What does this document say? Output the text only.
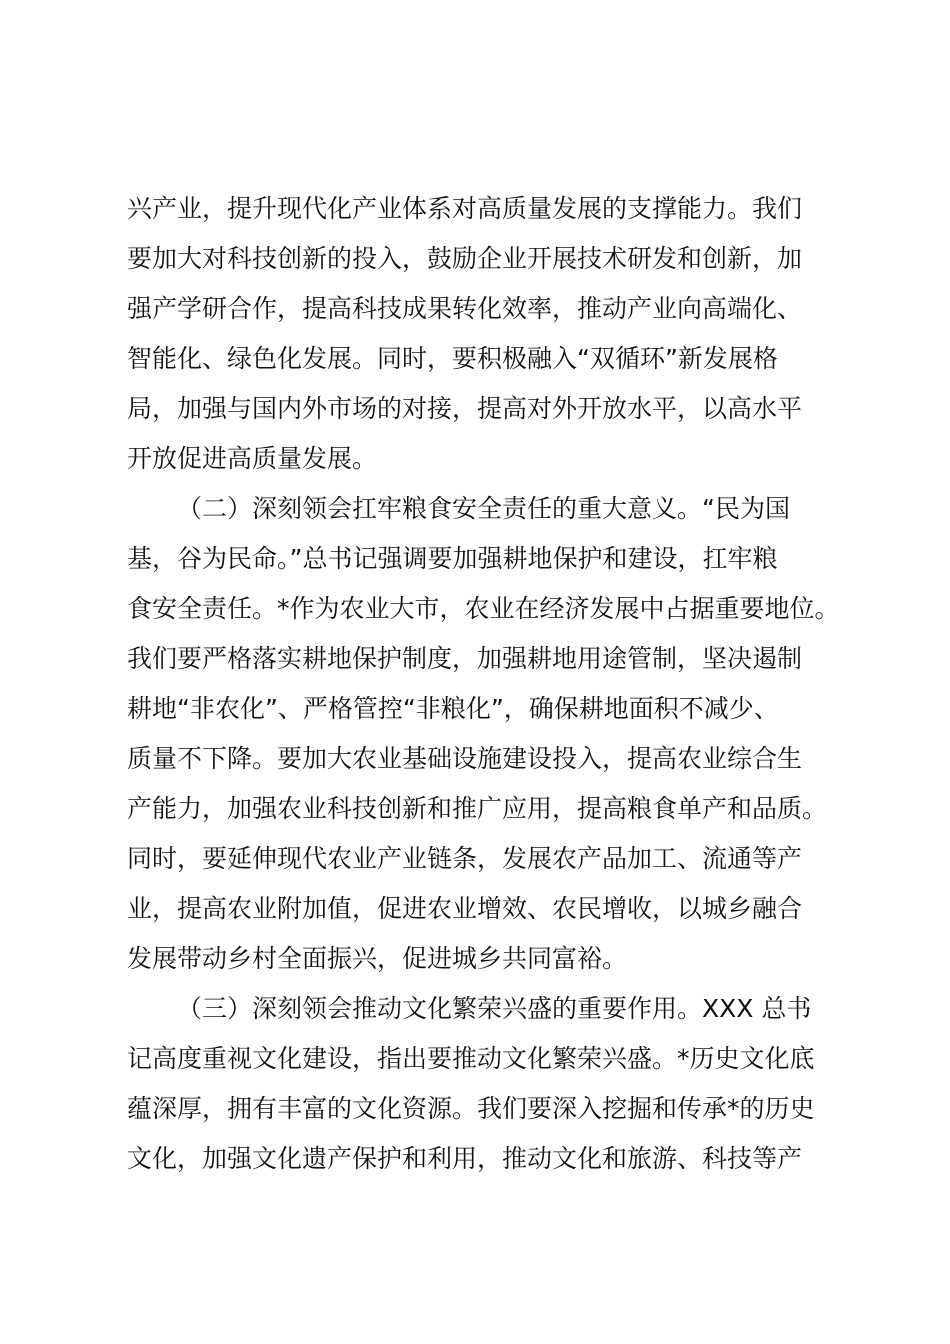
兴产业，提升现代化产业体系对高质量发展的支撑能力。我们
要加大对科技创新的投入，鼓励企业开展技术研发和创新，加
强产学研合作，提高科技成果转化效率，推动产业向高端化、
智能化、绿色化发展。同时，要积极融入“双循环”新发展格
局，加强与国内外市场的对接，提高对外开放水平，以高水平
开放促进高质量发展。
（二）深刻领会扛牢粮食安全责任的重大意义。“民为国
基，谷为民命。”总书记强调要加强耕地保护和建设，扛牢粮
食安全责任。*作为农业大市，农业在经济发展中占据重要地位。
我们要严格落实耕地保护制度，加强耕地用途管制，坚决遏制
耕地“非农化”、严格管控“非粮化”，确保耕地面积不减少、
质量不下降。要加大农业基础设施建设投入，提高农业综合生
产能力，加强农业科技创新和推广应用，提高粮食单产和品质。
同时，要延伸现代农业产业链条，发展农产品加工、流通等产
业，提高农业附加值，促进农业增效、农民增收，以城乡融合
发展带动乡村全面振兴，促进城乡共同富裕。
（三）深刻领会推动文化繁荣兴盛的重要作用。XXX 总书
记高度重视文化建设，指出要推动文化繁荣兴盛。*历史文化底
蕴深厚，拥有丰富的文化资源。我们要深入挖掘和传承*的历史
文化，加强文化遗产保护和利用，推动文化和旅游、科技等产
